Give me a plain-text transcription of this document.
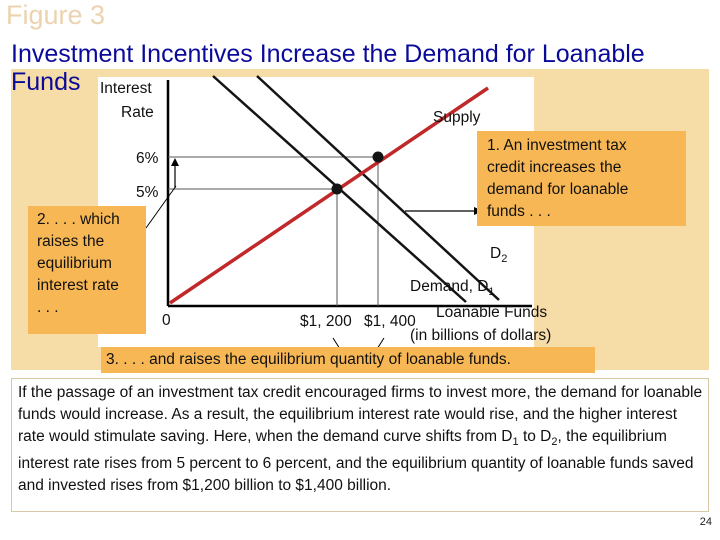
Figure 3
Investment Incentives Increase the Demand for Loanable
Funds Interest
Rate
0	Loanable Funds
(in billions of dollars)
6%
5%
$1, 200 $1, 400
Supply
$D_2$
Demand, $D_1$
1. An investment tax
credit increases the
demand for loanable
funds . . .
2. . . . which
raises the
equilibrium
interest rate
. . .
3. . . . and raises the equilibrium quantity of loanable funds.
If the passage of an investment tax credit encouraged firms to invest more, the demand for loanable funds would increase. As a result, the equilibrium interest rate would rise, and the higher interest rate would stimulate saving. Here, when the demand curve shifts from $D_1$ to $D_2$, the equilibrium interest rate rises from 5 percent to 6 percent, and the equilibrium quantity of loanable funds saved and invested rises from $1,200 billion to $1,400 billion.
24
